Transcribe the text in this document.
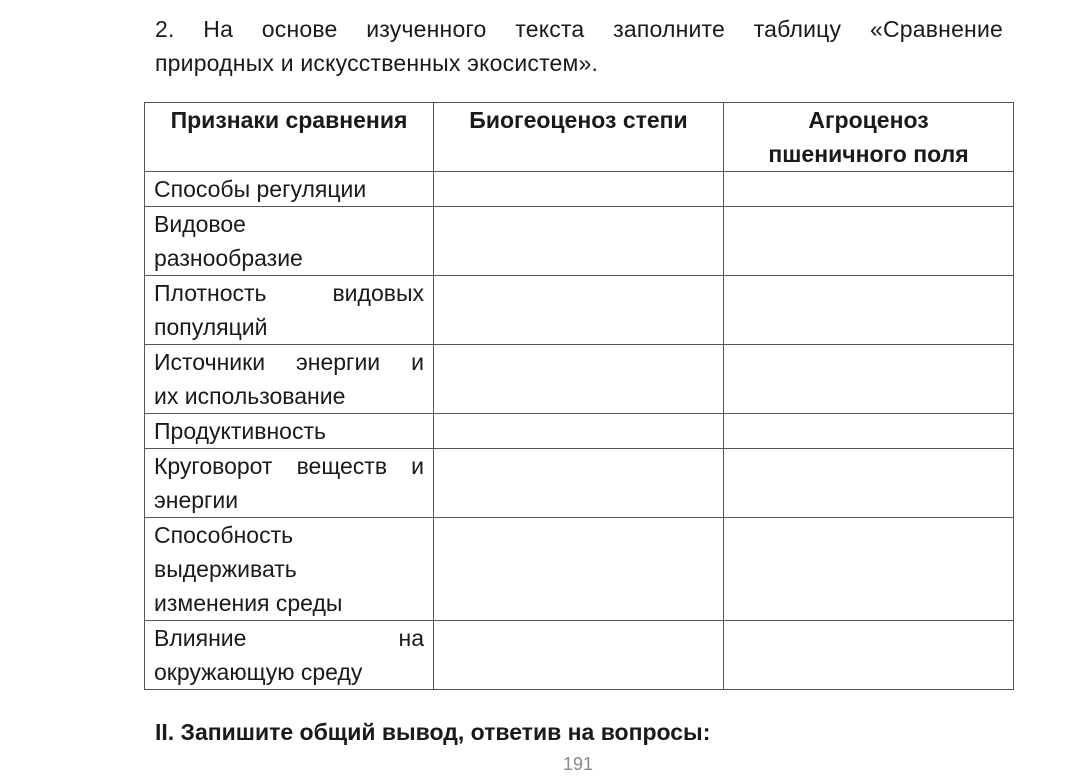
2. На основе изученного текста заполните таблицу «Сравнение
природных и искусственных экосистем».
Признаки сравнения	Биогеоценоз степи	Агроценоз
пшеничного поля

Способы регуляции		

Видовое
разнообразие		

Плотность видовых
популяций		

Источники энергии и
их использование		

Продуктивность		

Круговорот веществ и
энергии		

Способность
выдерживать
изменения среды		

Влияние на
окружающую среду		

II. Запишите общий вывод, ответив на вопросы:
191
